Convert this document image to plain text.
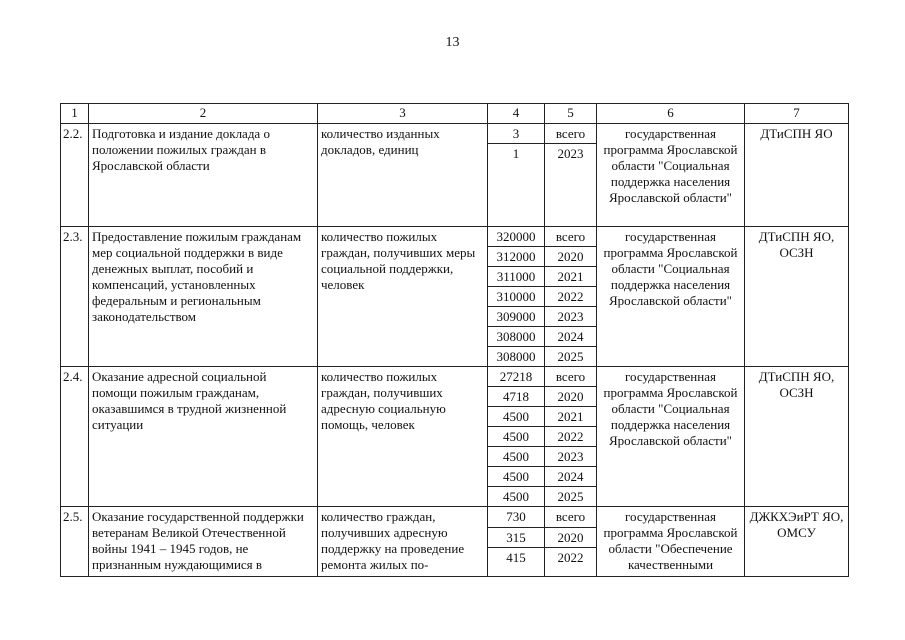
13
1	2	3	4	5	6	7
2.2.	Подготовка и издание доклада о положении пожилых граждан в Ярославской области	количество изданных докладов, единиц	3	всего	государственная программа Ярославской области "Социальная поддержка населения Ярославской области"	ДТиСПН ЯО
			1	2023		
2.3.	Предоставление пожилым гражданам мер социальной поддержки в виде денежных выплат, пособий и компенсаций, установленных федеральным и региональным законодательством	количество пожилых граждан, получивших меры социальной поддержки, человек	320000	всего	государственная программа Ярославской области "Социальная поддержка населения Ярославской области"	ДТиСПН ЯО, ОСЗН
			312000	2020		
			311000	2021		
			310000	2022		
			309000	2023		
			308000	2024		
			308000	2025		
2.4.	Оказание адресной социальной помощи пожилым гражданам, оказавшимся в трудной жизненной ситуации	количество пожилых граждан, получивших адресную социальную помощь, человек	27218	всего	государственная программа Ярославской области "Социальная поддержка населения Ярославской области"	ДТиСПН ЯО, ОСЗН
			4718	2020		
			4500	2021		
			4500	2022		
			4500	2023		
			4500	2024		
			4500	2025		
2.5.	Оказание государственной поддержки ветеранам Великой Отечественной войны 1941 – 1945 годов, не признанным нуждающимися в	количество граждан, получивших адресную поддержку на проведение ремонта жилых по-	730	всего	государственная программа Ярославской области "Обеспечение качественными	ДЖКХЭиРТ ЯО, ОМСУ
			315	2020		
			415	2022		
